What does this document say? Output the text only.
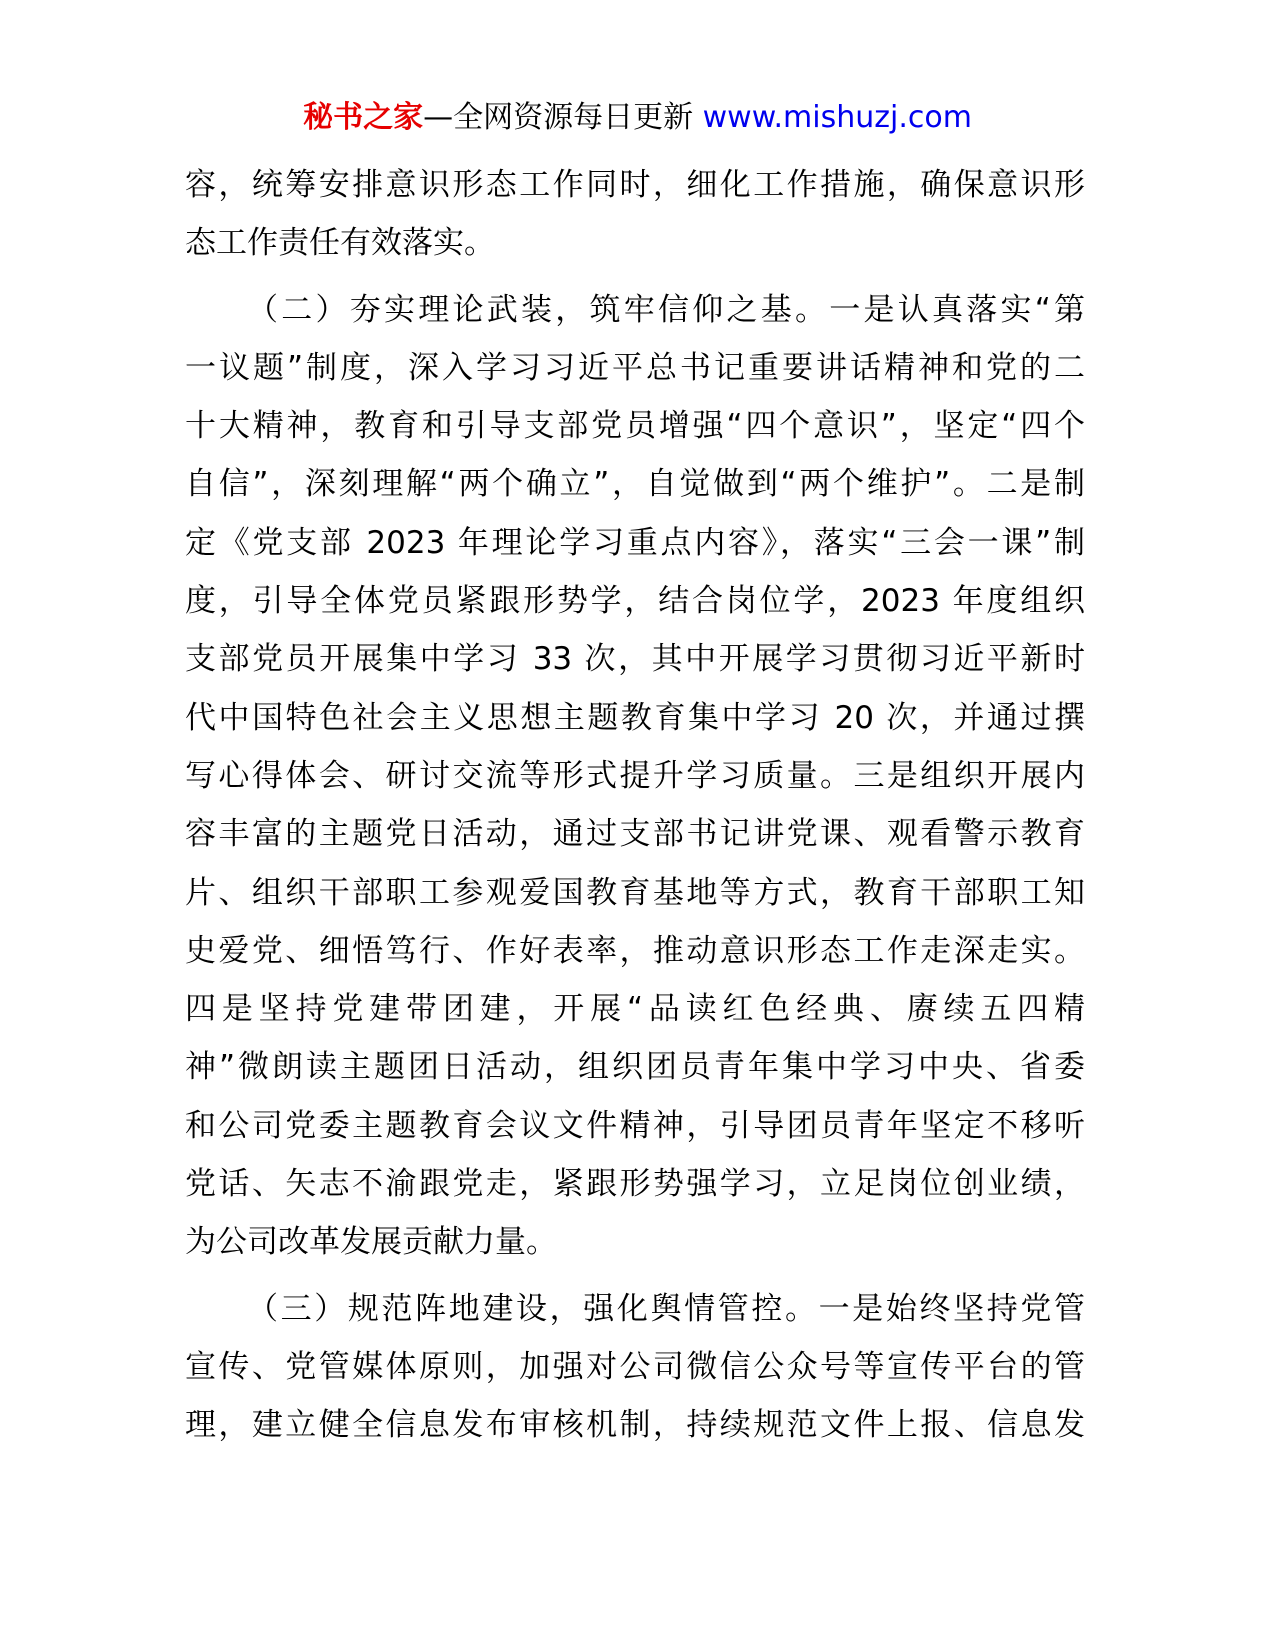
秘书之家—全网资源每日更新 www.mishuzj.com
容，统筹安排意识形态工作同时，细化工作措施，确保意识形
态工作责任有效落实。
（二）夯实理论武装，筑牢信仰之基。一是认真落实“第
一议题”制度，深入学习习近平总书记重要讲话精神和党的二
十大精神，教育和引导支部党员增强“四个意识”，坚定“四个
自信”，深刻理解“两个确立”，自觉做到“两个维护”。二是制
定《党支部 2023 年理论学习重点内容》，落实“三会一课”制
度，引导全体党员紧跟形势学，结合岗位学，2023 年度组织
支部党员开展集中学习 33 次，其中开展学习贯彻习近平新时
代中国特色社会主义思想主题教育集中学习 20 次，并通过撰
写心得体会、研讨交流等形式提升学习质量。三是组织开展内
容丰富的主题党日活动，通过支部书记讲党课、观看警示教育
片、组织干部职工参观爱国教育基地等方式，教育干部职工知
史爱党、细悟笃行、作好表率，推动意识形态工作走深走实。
四是坚持党建带团建，开展“品读红色经典、赓续五四精
神”微朗读主题团日活动，组织团员青年集中学习中央、省委
和公司党委主题教育会议文件精神，引导团员青年坚定不移听
党话、矢志不渝跟党走，紧跟形势强学习，立足岗位创业绩，
为公司改革发展贡献力量。
（三）规范阵地建设，强化舆情管控。一是始终坚持党管
宣传、党管媒体原则，加强对公司微信公众号等宣传平台的管
理，建立健全信息发布审核机制，持续规范文件上报、信息发
